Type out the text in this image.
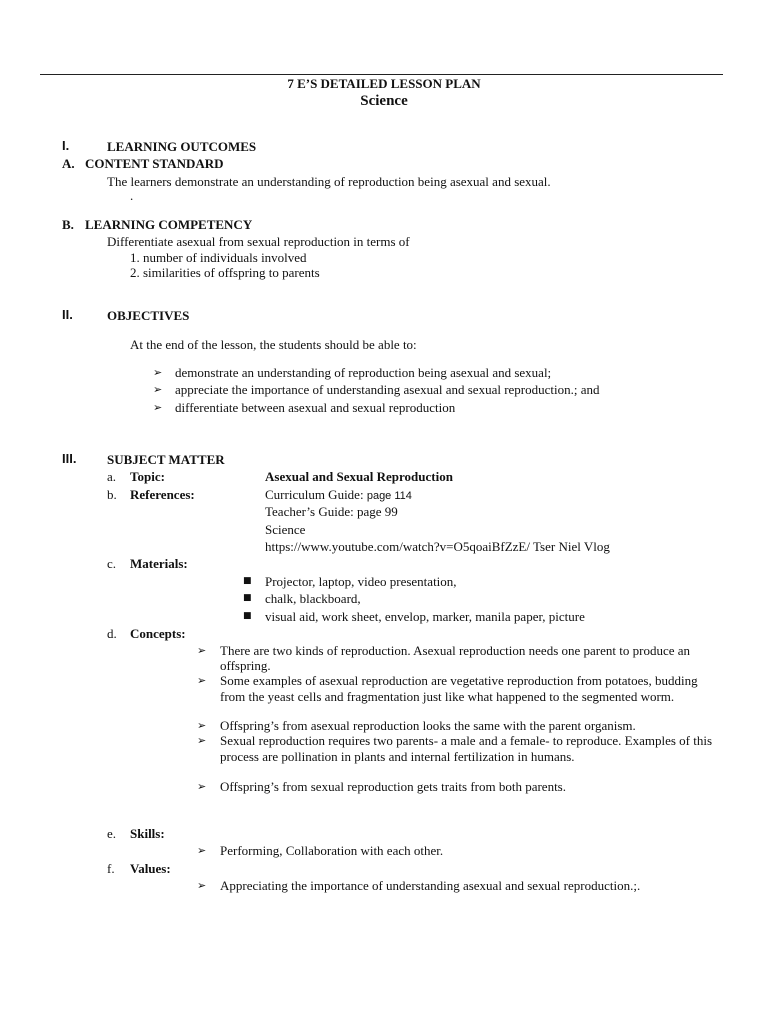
7 E’S DETAILED LESSON PLAN
Science
I.	LEARNING OUTCOMES
A. CONTENT STANDARD
The learners demonstrate an understanding of reproduction being asexual and sexual.
.
B. LEARNING COMPETENCY
Differentiate asexual from sexual reproduction in terms of
1. number of individuals involved
2. similarities of offspring to parents
II.	OBJECTIVES
At the end of the lesson, the students should be able to:
➢ demonstrate an understanding of reproduction being asexual and sexual;
➢ appreciate the importance of understanding asexual and sexual reproduction.; and
➢ differentiate between asexual and sexual reproduction
III. SUBJECT MATTER
a. Topic:	Asexual and Sexual Reproduction
b. References:	Curriculum Guide: page 114
Teacher’s Guide: page 99
Science
https://www.youtube.com/watch?v=O5qoaiBfZzE/ Tser Niel Vlog
c. Materials:
■ Projector, laptop, video presentation,
■ chalk, blackboard,
■ visual aid, work sheet, envelop, marker, manila paper, picture
d. Concepts:
➢ There are two kinds of reproduction. Asexual reproduction needs one parent to produce an offspring.
➢ Some examples of asexual reproduction are vegetative reproduction from potatoes, budding from the yeast cells and fragmentation just like what happened to the segmented worm.
➢ Offspring’s from asexual reproduction looks the same with the parent organism.
➢ Sexual reproduction requires two parents- a male and a female- to reproduce. Examples of this process are pollination in plants and internal fertilization in humans.
➢ Offspring’s from sexual reproduction gets traits from both parents.
e. Skills:
➢ Performing, Collaboration with each other.
f. Values:
➢ Appreciating the importance of understanding asexual and sexual reproduction.;.
